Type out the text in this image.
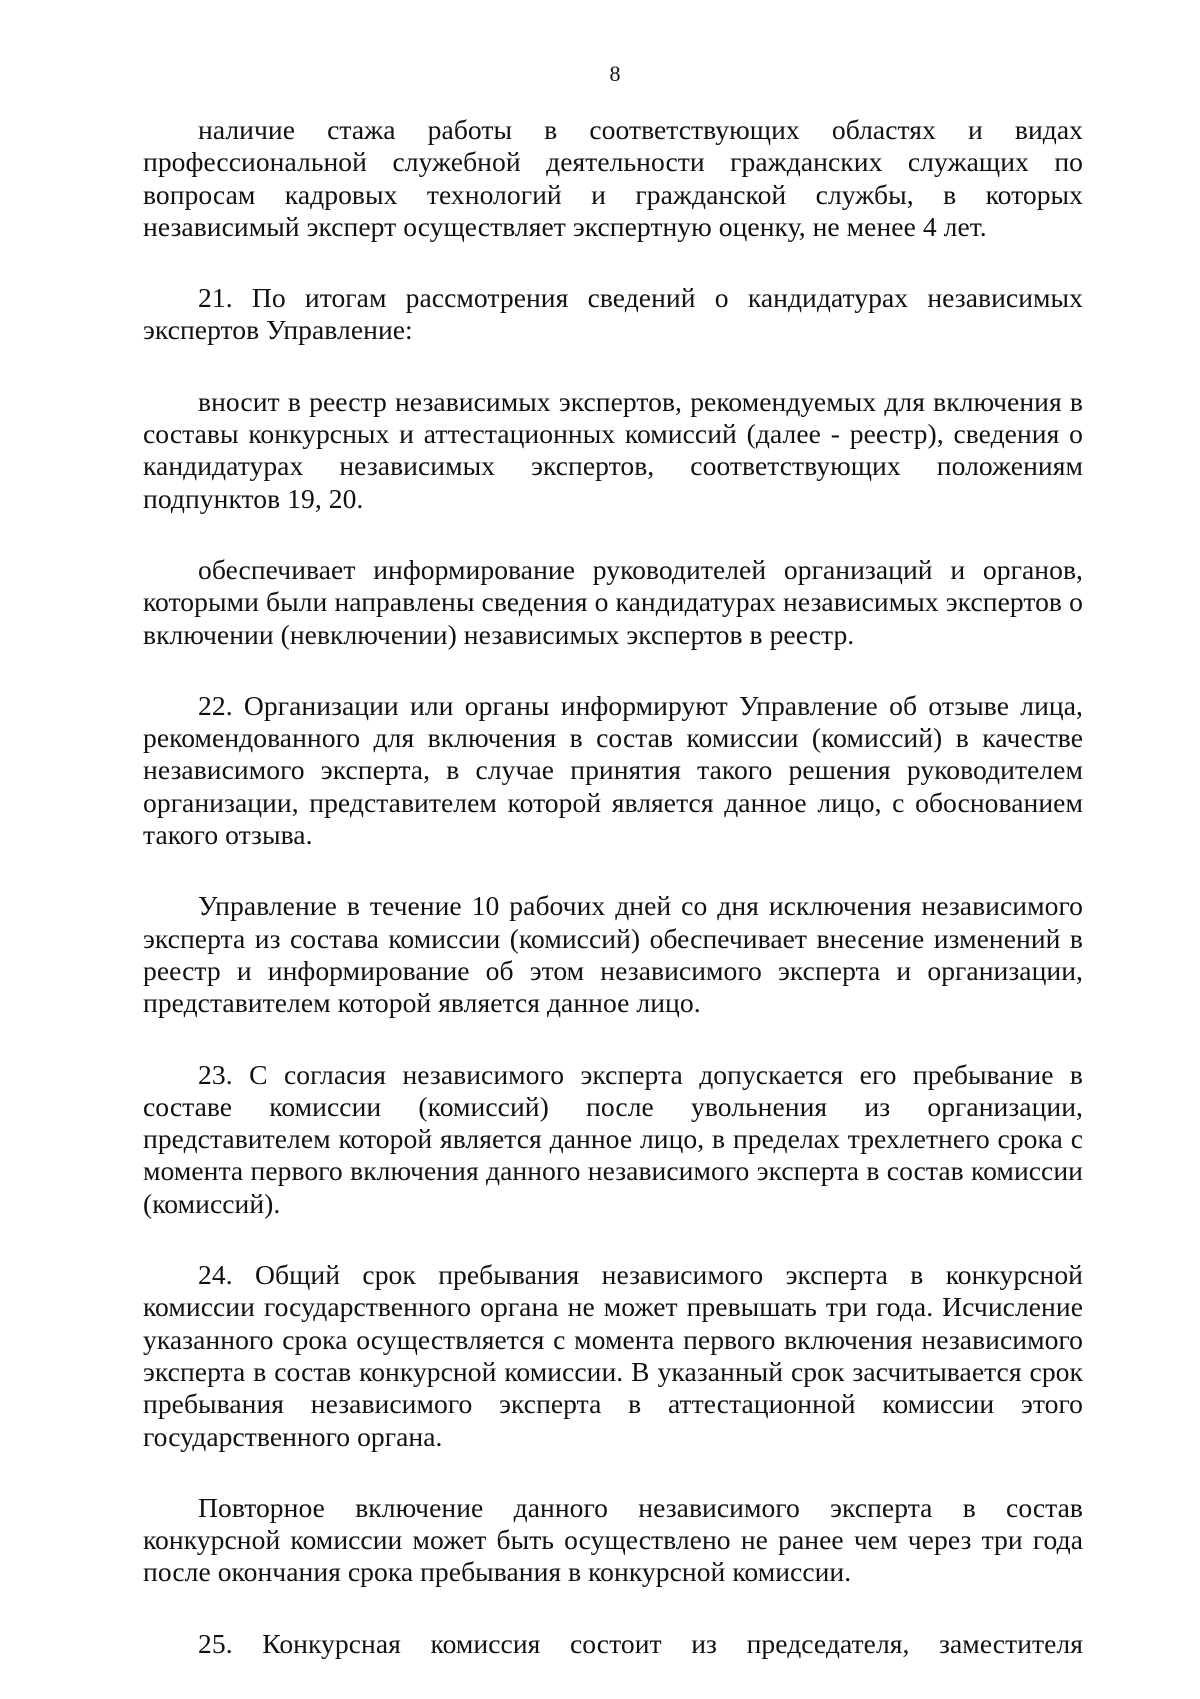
8

наличие стажа работы в соответствующих областях и видах профессиональной служебной деятельности гражданских служащих по вопросам кадровых технологий и гражданской службы, в которых независимый эксперт осуществляет экспертную оценку, не менее 4 лет.

21. По итогам рассмотрения сведений о кандидатурах независимых экспертов Управление:

вносит в реестр независимых экспертов, рекомендуемых для включения в составы конкурсных и аттестационных комиссий (далее - реестр), сведения о кандидатурах независимых экспертов, соответствующих положениям подпунктов 19, 20.

обеспечивает информирование руководителей организаций и органов, которыми были направлены сведения о кандидатурах независимых экспертов о включении (невключении) независимых экспертов в реестр.

22. Организации или органы информируют Управление об отзыве лица, рекомендованного для включения в состав комиссии (комиссий) в качестве независимого эксперта, в случае принятия такого решения руководителем организации, представителем которой является данное лицо, с обоснованием такого отзыва.

Управление в течение 10 рабочих дней со дня исключения независимого эксперта из состава комиссии (комиссий) обеспечивает внесение изменений в реестр и информирование об этом независимого эксперта и организации, представителем которой является данное лицо.

23. С согласия независимого эксперта допускается его пребывание в составе комиссии (комиссий) после увольнения из организации, представителем которой является данное лицо, в пределах трехлетнего срока с момента первого включения данного независимого эксперта в состав комиссии (комиссий).

24. Общий срок пребывания независимого эксперта в конкурсной комиссии государственного органа не может превышать три года. Исчисление указанного срока осуществляется с момента первого включения независимого эксперта в состав конкурсной комиссии. В указанный срок засчитывается срок пребывания независимого эксперта в аттестационной комиссии этого государственного органа.

Повторное включение данного независимого эксперта в состав конкурсной комиссии может быть осуществлено не ранее чем через три года после окончания срока пребывания в конкурсной комиссии.

25. Конкурсная комиссия состоит из председателя, заместителя
